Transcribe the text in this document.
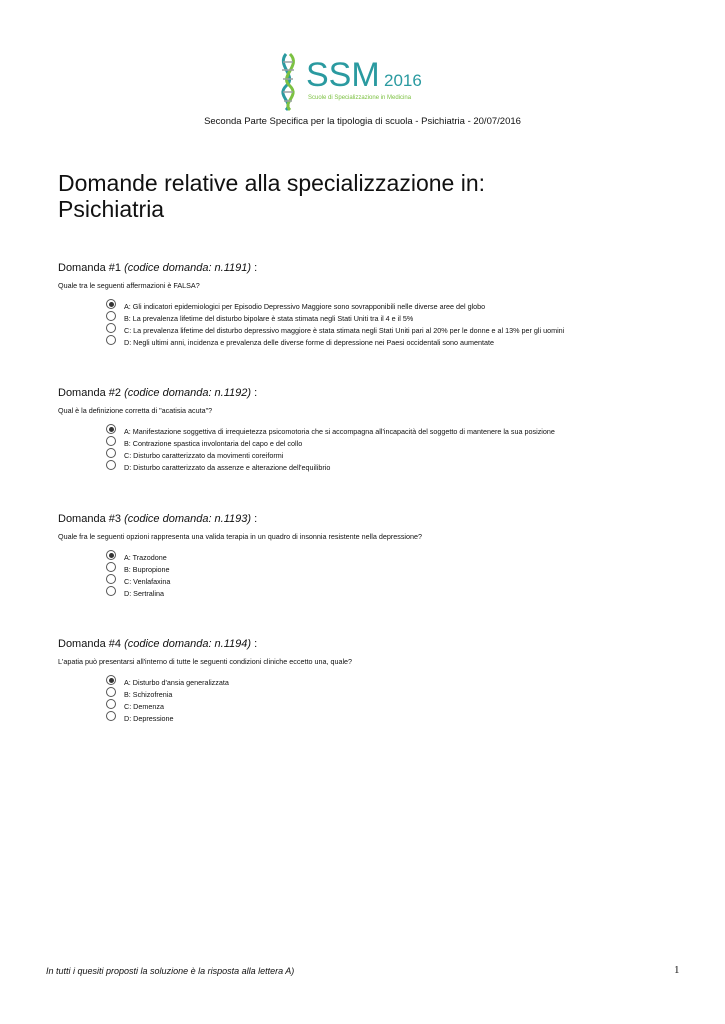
SSM 2016
Scuole di Specializzazione in Medicina
Seconda Parte Specifica per la tipologia di scuola - Psichiatria - 20/07/2016
Domande relative alla specializzazione in:
Psichiatria
Domanda #1 (codice domanda: n.1191) :
Quale tra le seguenti affermazioni è FALSA?
A: Gli indicatori epidemiologici per Episodio Depressivo Maggiore sono sovrapponibili nelle diverse aree del globo
B: La prevalenza lifetime del disturbo bipolare è stata stimata negli Stati Uniti tra il 4 e il 5%
C: La prevalenza lifetime del disturbo depressivo maggiore è stata stimata negli Stati Uniti pari al 20% per le donne e al 13% per gli uomini
D: Negli ultimi anni, incidenza e prevalenza delle diverse forme di depressione nei Paesi occidentali sono aumentate
Domanda #2 (codice domanda: n.1192) :
Qual è la definizione corretta di "acatisia acuta"?
A: Manifestazione soggettiva di irrequietezza psicomotoria che si accompagna all'incapacità del soggetto di mantenere la sua posizione
B: Contrazione spastica involontaria del capo e del collo
C: Disturbo caratterizzato da movimenti coreiformi
D: Disturbo caratterizzato da assenze e alterazione dell'equilibrio
Domanda #3 (codice domanda: n.1193) :
Quale fra le seguenti opzioni rappresenta una valida terapia in un quadro di insonnia resistente nella depressione?
A: Trazodone
B: Bupropione
C: Venlafaxina
D: Sertralina
Domanda #4 (codice domanda: n.1194) :
L'apatia può presentarsi all'interno di tutte le seguenti condizioni cliniche eccetto una, quale?
A: Disturbo d'ansia generalizzata
B: Schizofrenia
C: Demenza
D: Depressione
In tutti i quesiti proposti la soluzione è la risposta alla lettera A)	1
